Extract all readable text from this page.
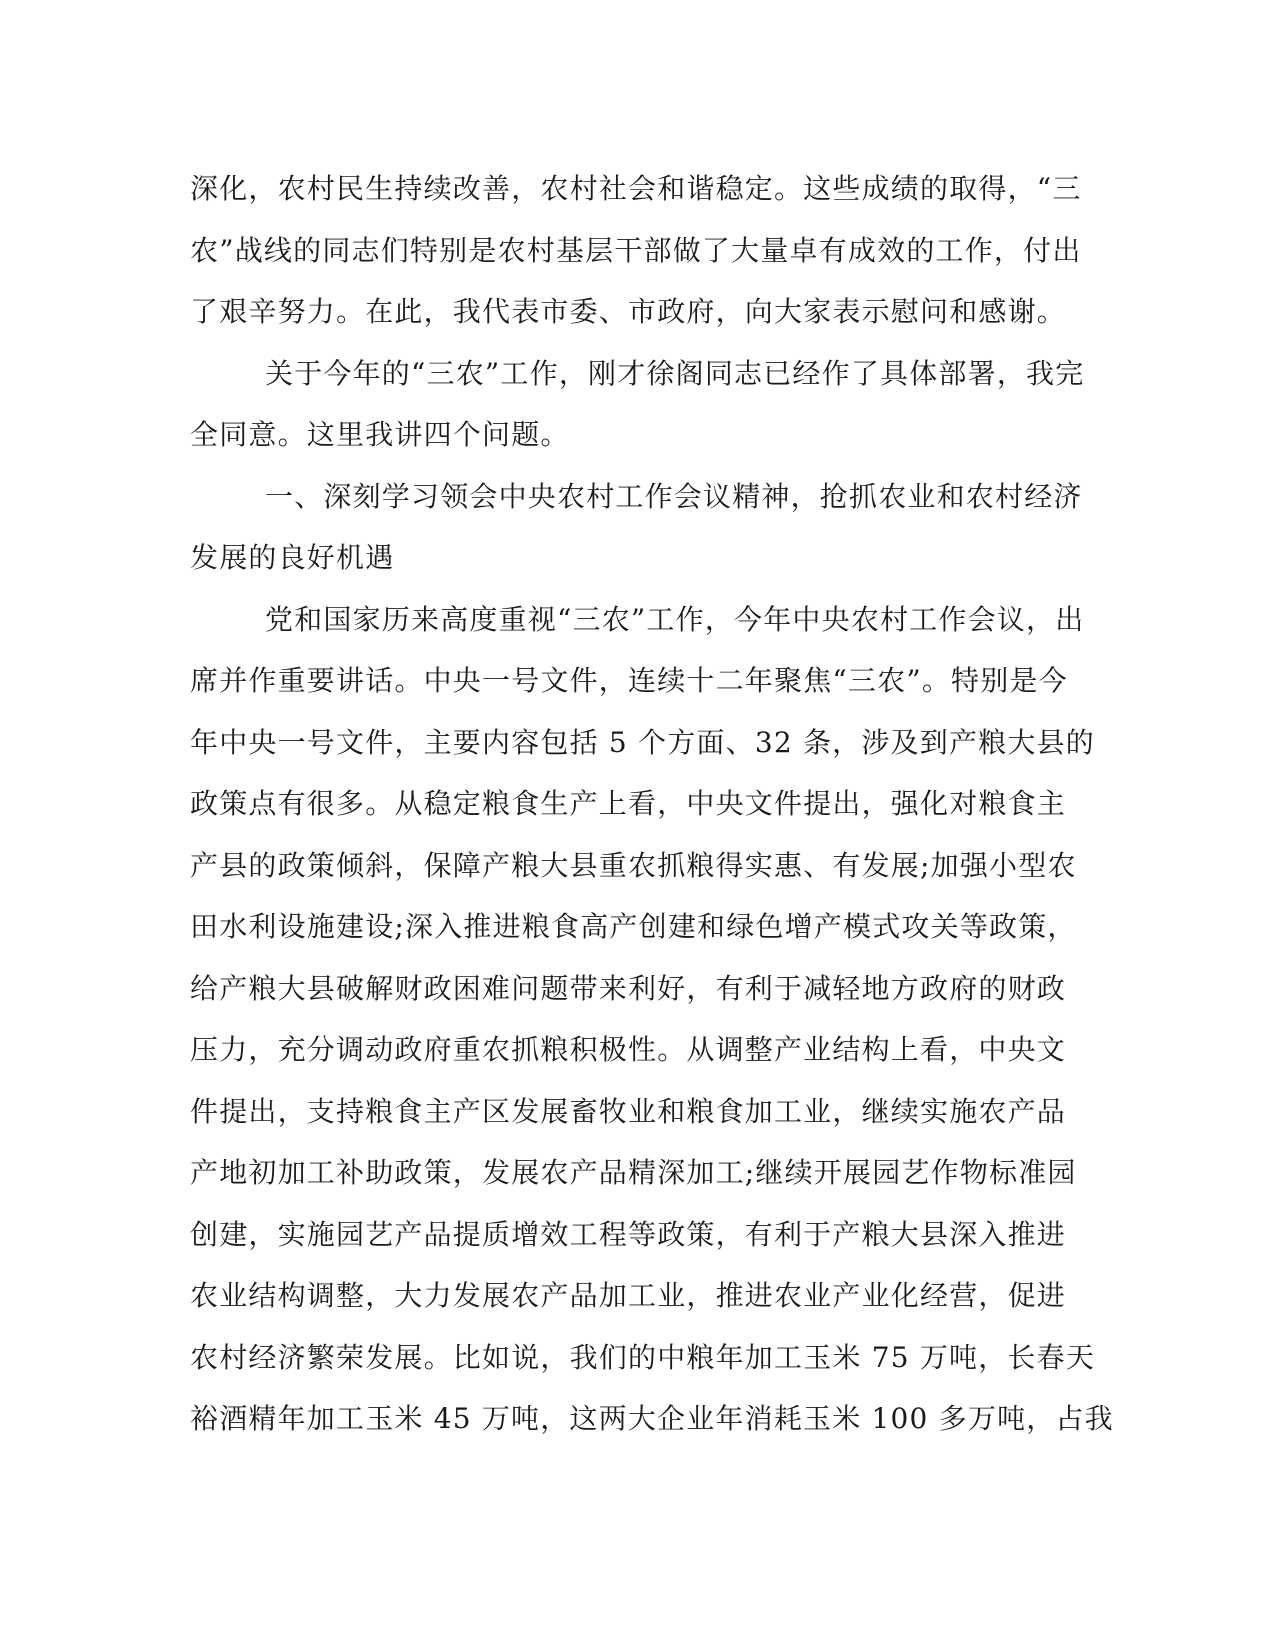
深化，农村民生持续改善，农村社会和谐稳定。这些成绩的取得，“三
农”战线的同志们特别是农村基层干部做了大量卓有成效的工作，付出
了艰辛努力。在此，我代表市委、市政府，向大家表示慰问和感谢。
关于今年的“三农”工作，刚才徐阁同志已经作了具体部署，我完
全同意。这里我讲四个问题。
一、深刻学习领会中央农村工作会议精神，抢抓农业和农村经济
发展的良好机遇
党和国家历来高度重视“三农”工作，今年中央农村工作会议，出
席并作重要讲话。中央一号文件，连续十二年聚焦“三农”。特别是今
年中央一号文件，主要内容包括 5 个方面、32 条，涉及到产粮大县的
政策点有很多。从稳定粮食生产上看，中央文件提出，强化对粮食主
产县的政策倾斜，保障产粮大县重农抓粮得实惠、有发展;加强小型农
田水利设施建设;深入推进粮食高产创建和绿色增产模式攻关等政策，
给产粮大县破解财政困难问题带来利好，有利于减轻地方政府的财政
压力，充分调动政府重农抓粮积极性。从调整产业结构上看，中央文
件提出，支持粮食主产区发展畜牧业和粮食加工业，继续实施农产品
产地初加工补助政策，发展农产品精深加工;继续开展园艺作物标准园
创建，实施园艺产品提质增效工程等政策，有利于产粮大县深入推进
农业结构调整，大力发展农产品加工业，推进农业产业化经营，促进
农村经济繁荣发展。比如说，我们的中粮年加工玉米 75 万吨，长春天
裕酒精年加工玉米 45 万吨，这两大企业年消耗玉米 100 多万吨，占我
